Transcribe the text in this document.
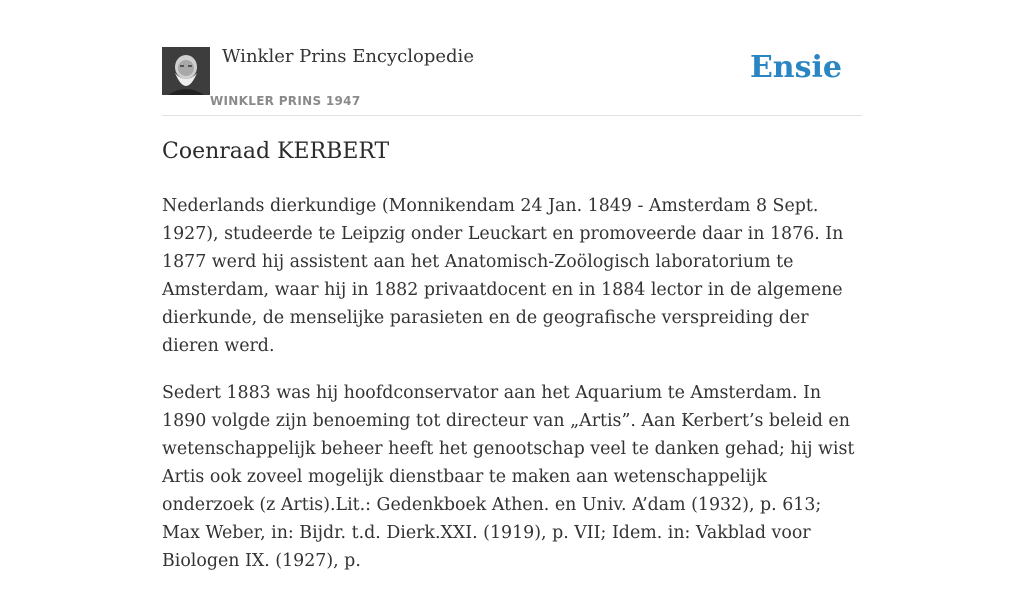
Winkler Prins Encyclopedie
WINKLER PRINS 1947
Ensie
Coenraad KERBERT

Nederlands dierkundige (Monnikendam 24 Jan. 1849 - Amsterdam 8 Sept. 1927), studeerde te Leipzig onder Leuckart en promoveerde daar in 1876. In 1877 werd hij assistent aan het Anatomisch-Zoölogisch laboratorium te Amsterdam, waar hij in 1882 privaatdocent en in 1884 lector in de algemene dierkunde, de menselijke parasieten en de geografische verspreiding der dieren werd.

Sedert 1883 was hij hoofdconservator aan het Aquarium te Amsterdam. In 1890 volgde zijn benoeming tot directeur van „Artis”. Aan Kerbert’s beleid en wetenschappelijk beheer heeft het genootschap veel te danken gehad; hij wist Artis ook zoveel mogelijk dienstbaar te maken aan wetenschappelijk onderzoek (z Artis).Lit.: Gedenkboek Athen. en Univ. A’dam (1932), p. 613; Max Weber, in: Bijdr. t.d. Dierk.XXI. (1919), p. VII; Idem. in: Vakblad voor Biologen IX. (1927), p.
